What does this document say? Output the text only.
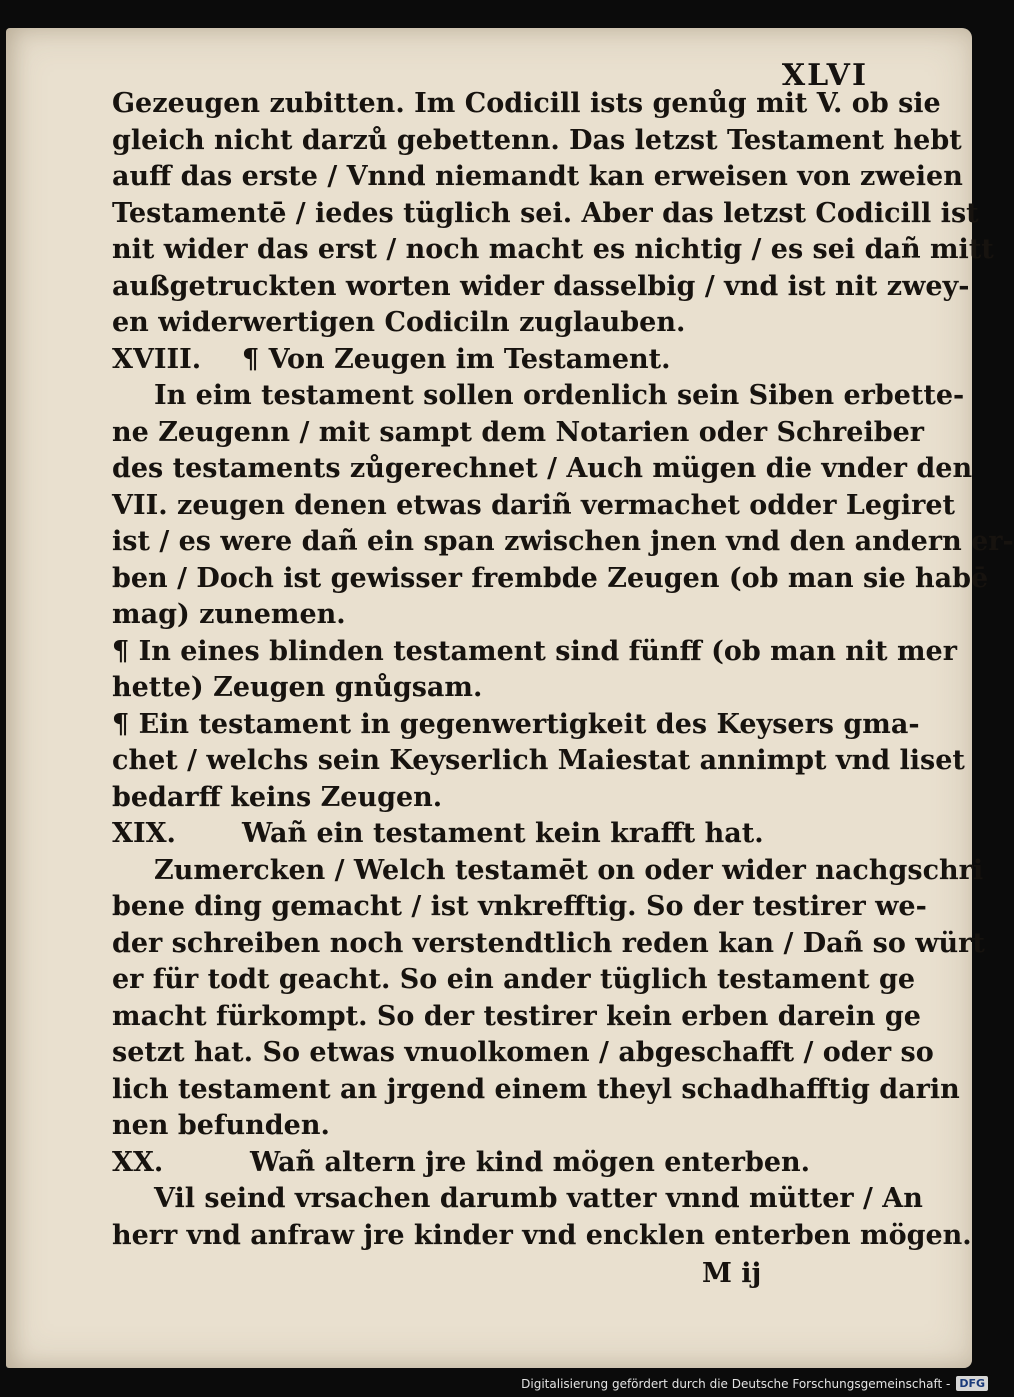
XLVI
Gezeugen zubitten. Im Codicill ists genůg mit V. ob sie
gleich nicht darzů gebettenn. Das letzst Testament hebt
auff das erste / Vnnd niemandt kan erweisen von zweien
Testamentē / iedes tüglich sei. Aber das letzst Codicill ist
nit wider das erst / noch macht es nichtig / es sei dañ mitt
außgetruckten worten wider dasselbig / vnd ist nit zwey-
en widerwertigen Codiciln zuglauben.
XVIII.	¶ Von Zeugen im Testament.
In eim testament sollen ordenlich sein Siben erbette-
ne Zeugenn / mit sampt dem Notarien oder Schreiber
des testaments zůgerechnet / Auch mügen die vnder den
VII. zeugen denen etwas dariñ vermachet odder Legiret
ist / es were dañ ein span zwischen jnen vnd den andern er-
ben / Doch ist gewisser frembde Zeugen (ob man sie habē
mag) zunemen.
¶ In eines blinden testament sind fünff (ob man nit mer
hette) Zeugen gnůgsam.
¶ Ein testament in gegenwertigkeit des Keysers gma-
chet / welchs sein Keyserlich Maiestat annimpt vnd liset
bedarff keins Zeugen.
XIX.	Wañ ein testament kein krafft hat.
Zumercken / Welch testamēt on oder wider nachgschri
bene ding gemacht / ist vnkrefftig. So der testirer we-
der schreiben noch verstendtlich reden kan / Dañ so würt
er für todt geacht. So ein ander tüglich testament ge
macht fürkompt. So der testirer kein erben darein ge
setzt hat. So etwas vnuolkomen / abgeschafft / oder so
lich testament an jrgend einem theyl schadhafftig darin
nen befunden.
XX.	Wañ altern jre kind mögen enterben.
Vil seind vrsachen darumb vatter vnnd mütter / An
herr vnd anfraw jre kinder vnd encklen enterben mögen.
M ij
Digitalisierung gefördert durch die Deutsche Forschungsgemeinschaft - DFG
